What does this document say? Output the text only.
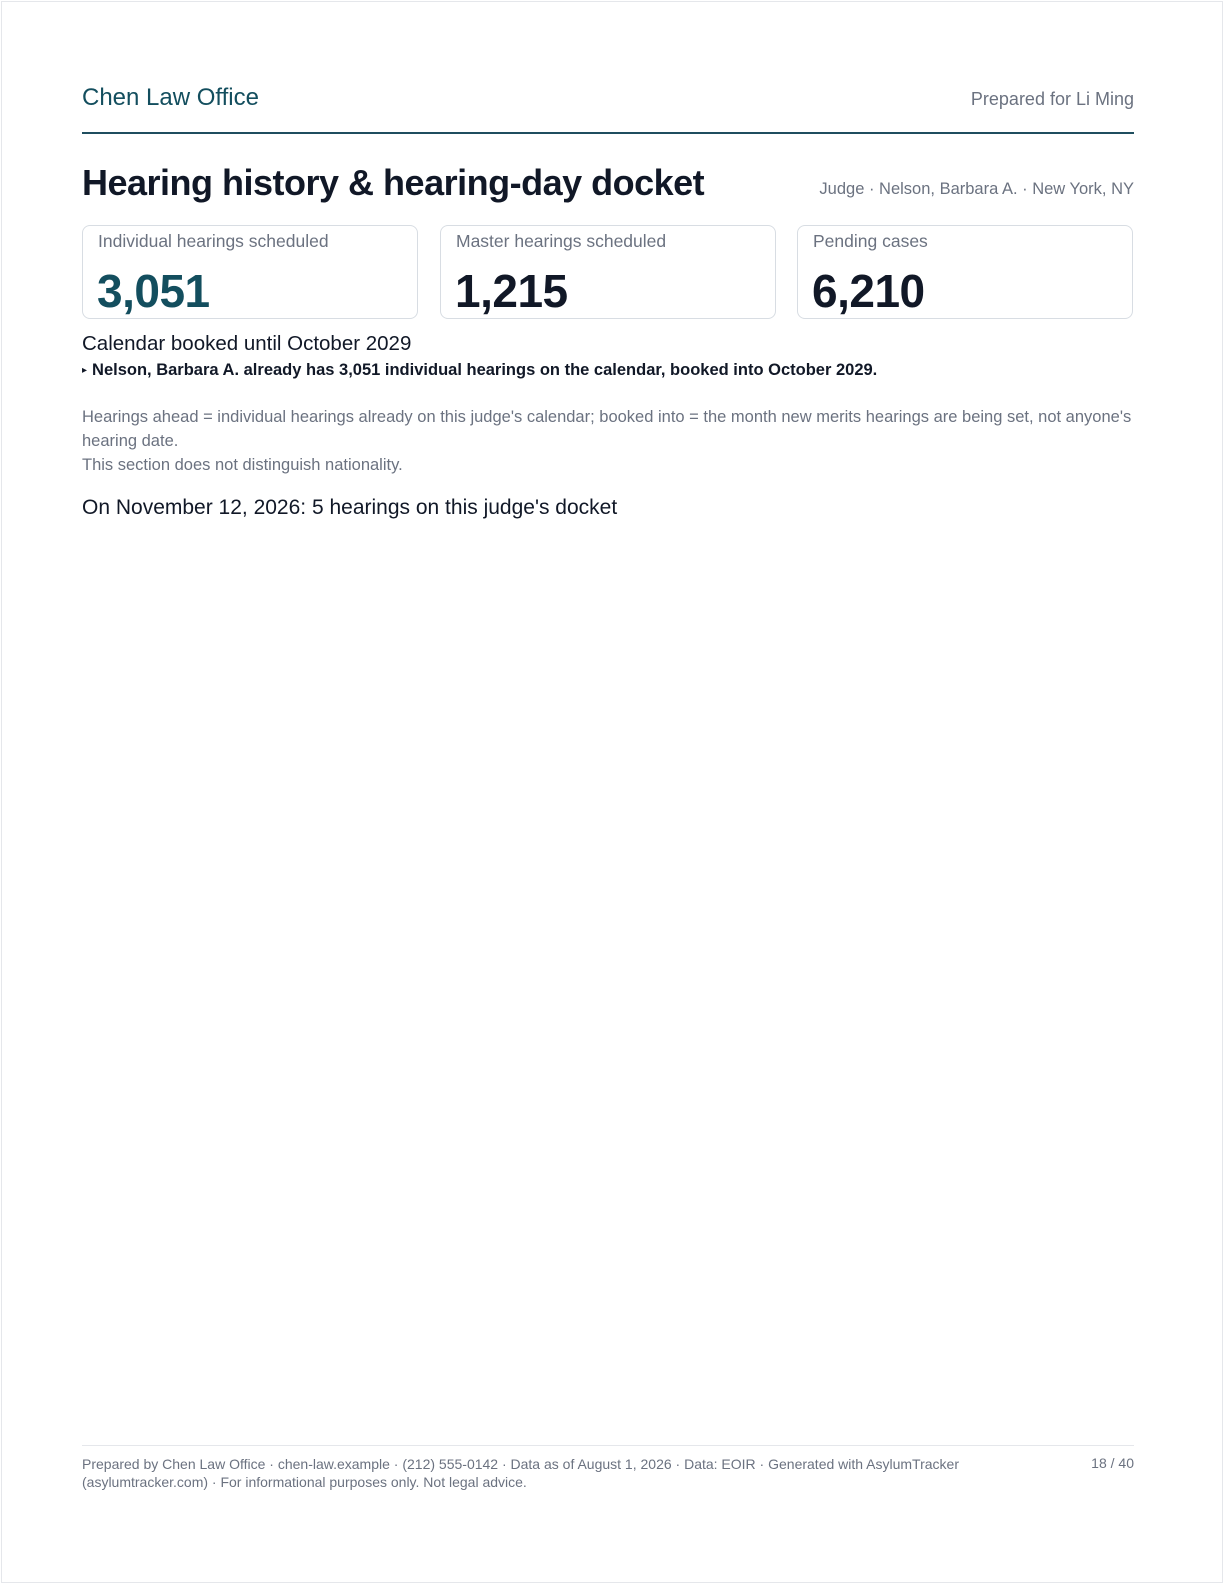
Chen Law Office	Prepared for Li Ming
Hearing history & hearing-day docket	Judge · Nelson, Barbara A. · New York, NY
Individual hearings scheduled
3,051
Master hearings scheduled
1,215
Pending cases
6,210
Calendar booked until October 2029
▸ Nelson, Barbara A. already has 3,051 individual hearings on the calendar, booked into October 2029.
Hearings ahead = individual hearings already on this judge's calendar; booked into = the month new merits hearings are being set, not anyone's hearing date.
This section does not distinguish nationality.
On November 12, 2026: 5 hearings on this judge's docket
Prepared by Chen Law Office · chen-law.example · (212) 555-0142 · Data as of August 1, 2026 · Data: EOIR · Generated with AsylumTracker (asylumtracker.com) · For informational purposes only. Not legal advice.
18 / 40
